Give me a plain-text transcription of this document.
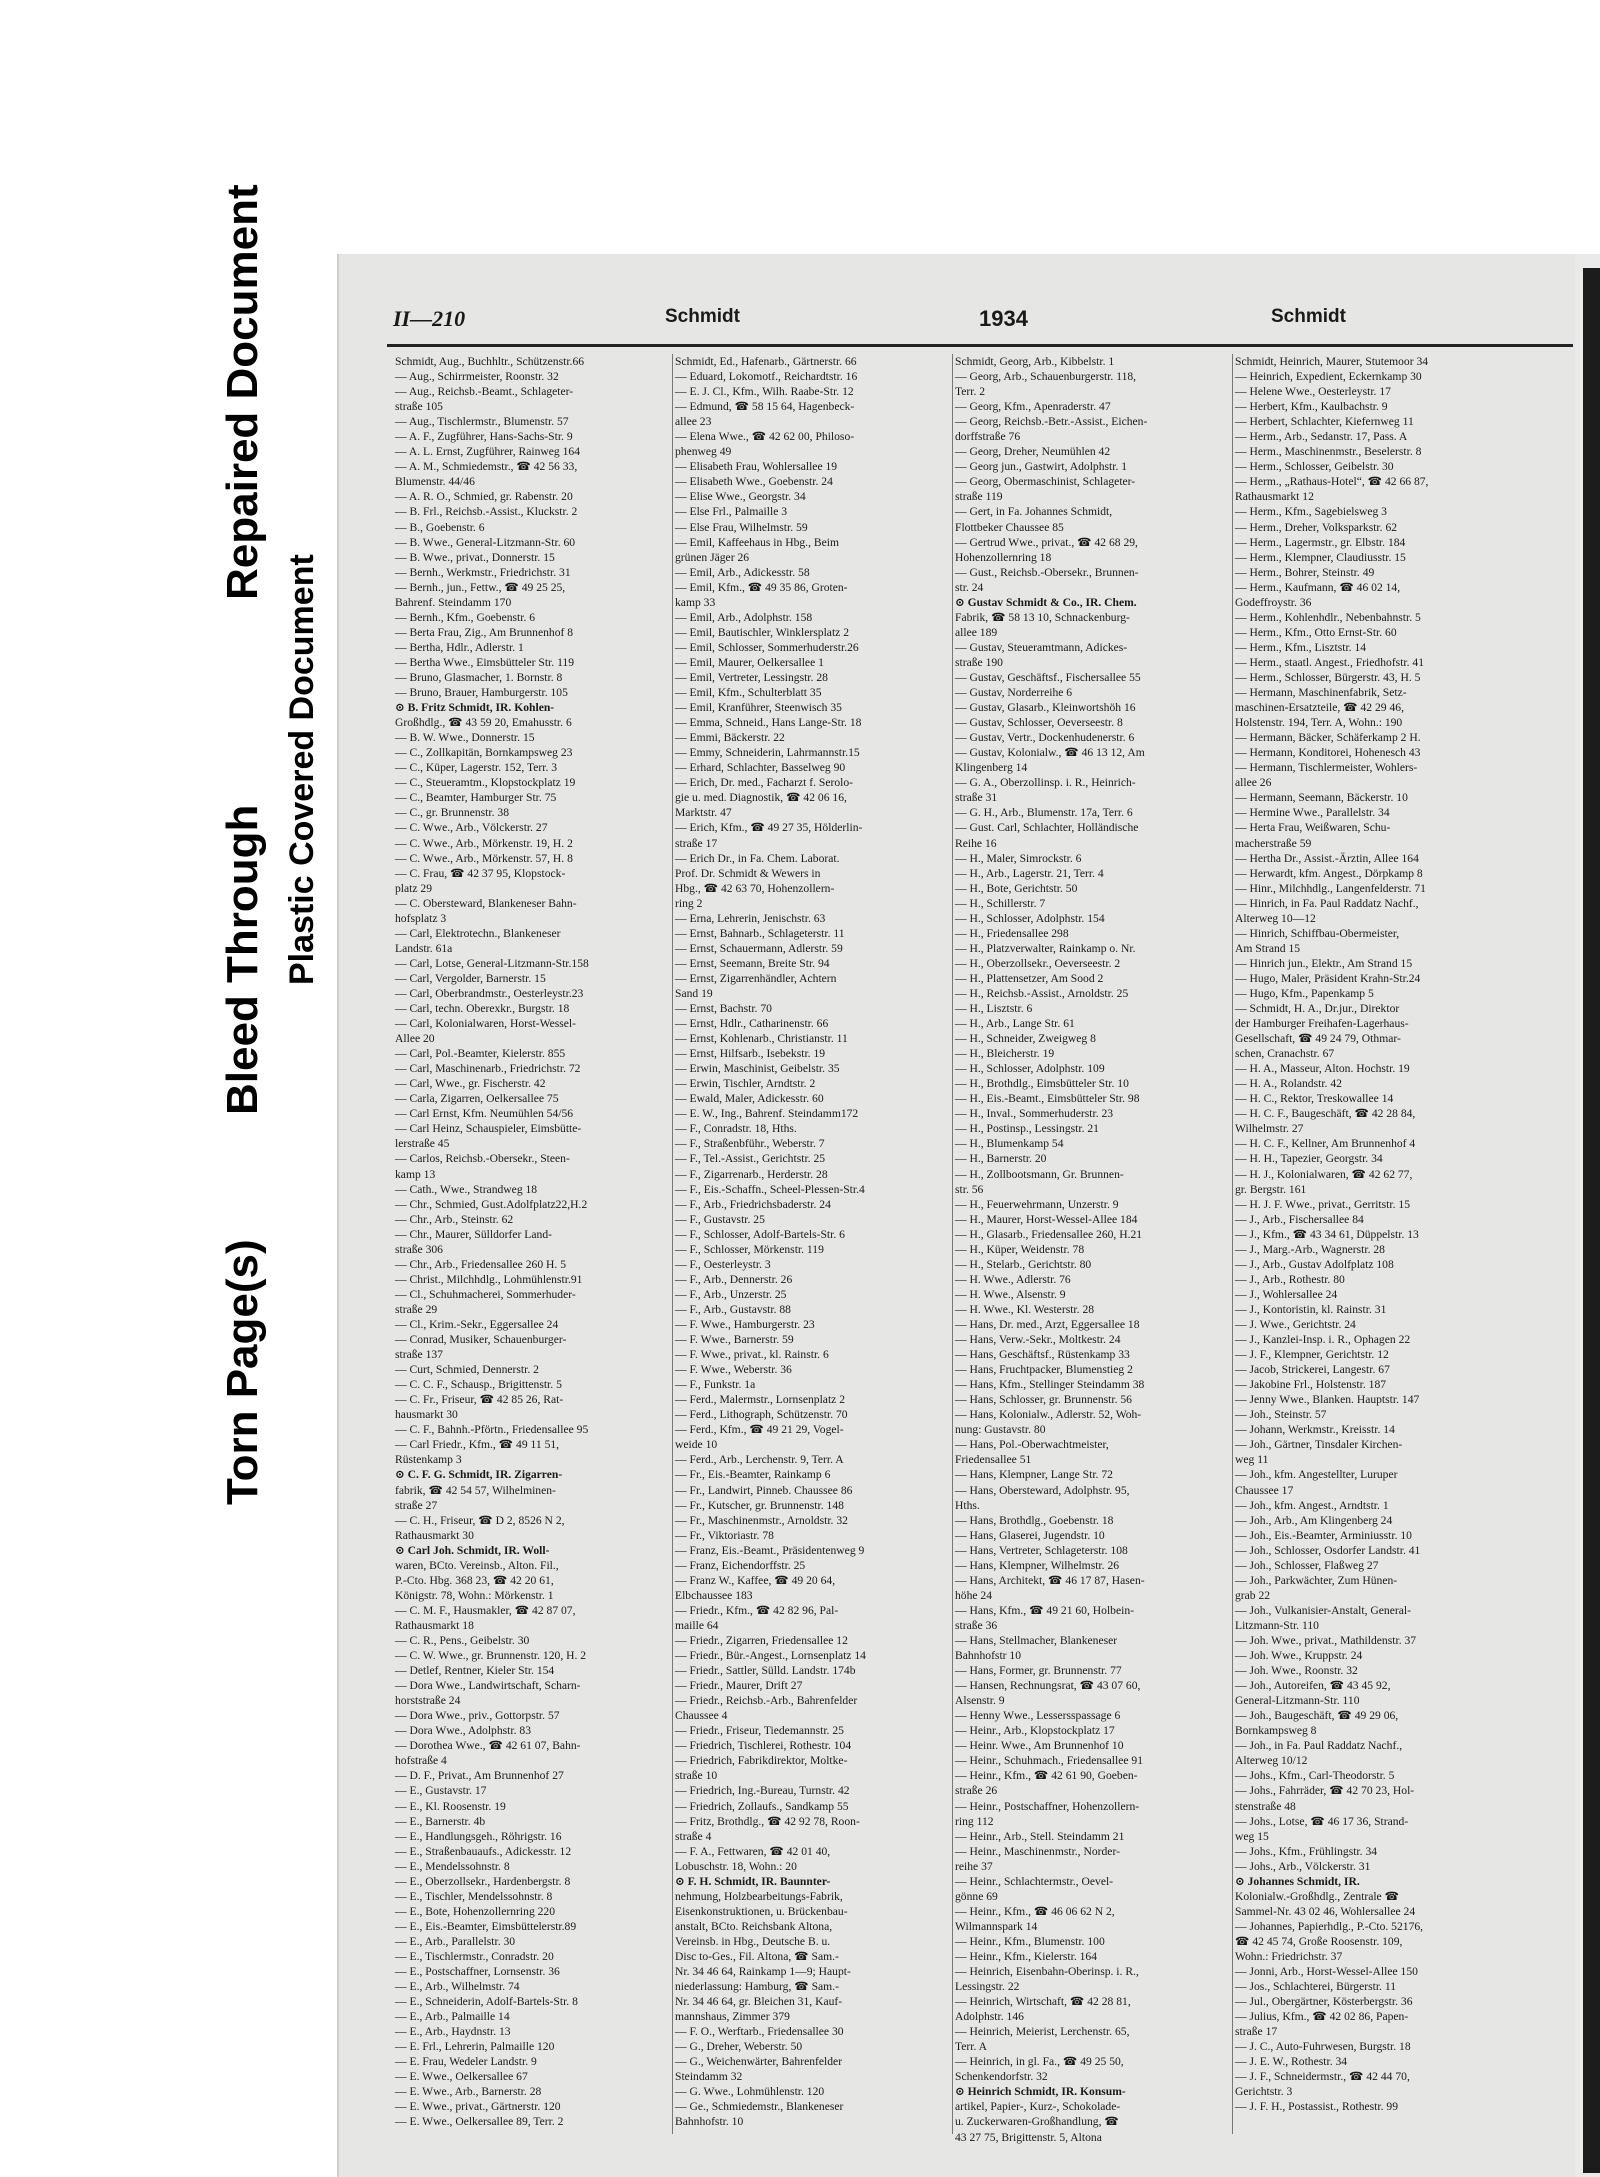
Torn Page(s)
Bleed Through
Repaired Document
Plastic Covered Document
II—210	Schmidt	1934	Schmidt
Schmidt, Aug., Buchhltr., Schützenstr.66
— Aug., Schirrmeister, Roonstr. 32
— Aug., Reichsb.-Beamt., Schlageter-
straße 105
— Aug., Tischlermstr., Blumenstr. 57
— A. F., Zugführer, Hans-Sachs-Str. 9
— A. L. Ernst, Zugführer, Rainweg 164
— A. M., Schmiedemstr., ☎ 42 56 33,
Blumenstr. 44/46
— A. R. O., Schmied, gr. Rabenstr. 20
— B. Frl., Reichsb.-Assist., Kluckstr. 2
— B., Goebenstr. 6
— B. Wwe., General-Litzmann-Str. 60
— B. Wwe., privat., Donnerstr. 15
— Bernh., Werkmstr., Friedrichstr. 31
— Bernh., jun., Fettw., ☎ 49 25 25,
Bahrenf. Steindamm 170
— Bernh., Kfm., Goebenstr. 6
— Berta Frau, Zig., Am Brunnenhof 8
— Bertha, Hdlr., Adlerstr. 1
— Bertha Wwe., Eimsbütteler Str. 119
— Bruno, Glasmacher, 1. Bornstr. 8
— Bruno, Brauer, Hamburgerstr. 105
⊙ B. Fritz Schmidt, IR. Kohlen-
Großhdlg., ☎ 43 59 20, Emahusstr. 6
— B. W. Wwe., Donnerstr. 15
— C., Zollkapitän, Bornkampsweg 23
— C., Küper, Lagerstr. 152, Terr. 3
— C., Steueramtm., Klopstockplatz 19
— C., Beamter, Hamburger Str. 75
— C., gr. Brunnenstr. 38
— C. Wwe., Arb., Völckerstr. 27
— C. Wwe., Arb., Mörkenstr. 19, H. 2
— C. Wwe., Arb., Mörkenstr. 57, H. 8
— C. Frau, ☎ 42 37 95, Klopstock-
platz 29
— C. Obersteward, Blankeneser Bahn-
hofsplatz 3
— Carl, Elektrotechn., Blankeneser
Landstr. 61a
— Carl, Lotse, General-Litzmann-Str.158
— Carl, Vergolder, Barnerstr. 15
— Carl, Oberbrandmstr., Oesterleystr.23
— Carl, techn. Oberexkr., Burgstr. 18
— Carl, Kolonialwaren, Horst-Wessel-
Allee 20
— Carl, Pol.-Beamter, Kielerstr. 855
— Carl, Maschinenarb., Friedrichstr. 72
— Carl, Wwe., gr. Fischerstr. 42
— Carla, Zigarren, Oelkersallee 75
— Carl Ernst, Kfm. Neumühlen 54/56
— Carl Heinz, Schauspieler, Eimsbütte-
lerstraße 45
— Carlos, Reichsb.-Obersekr., Steen-
kamp 13
— Cath., Wwe., Strandweg 18
— Chr., Schmied, Gust.Adolfplatz22,H.2
— Chr., Arb., Steinstr. 62
— Chr., Maurer, Sülldorfer Land-
straße 306
— Chr., Arb., Friedensallee 260 H. 5
— Christ., Milchhdlg., Lohmühlenstr.91
— Cl., Schuhmacherei, Sommerhuder-
straße 29
— Cl., Krim.-Sekr., Eggersallee 24
— Conrad, Musiker, Schauenburger-
straße 137
— Curt, Schmied, Dennerstr. 2
— C. C. F., Schausp., Brigittenstr. 5
— C. Fr., Friseur, ☎ 42 85 26, Rat-
hausmarkt 30
— C. F., Bahnh.-Pförtn., Friedensallee 95
— Carl Friedr., Kfm., ☎ 49 11 51,
Rüstenkamp 3
⊙ C. F. G. Schmidt, IR. Zigarren-
fabrik, ☎ 42 54 57, Wilhelminen-
straße 27
— C. H., Friseur, ☎ D 2, 8526 N 2,
Rathausmarkt 30
⊙ Carl Joh. Schmidt, IR. Woll-
waren, BCto. Vereinsb., Alton. Fil.,
P.-Cto. Hbg. 368 23, ☎ 42 20 61,
Königstr. 78, Wohn.: Mörkenstr. 1
— C. M. F., Hausmakler, ☎ 42 87 07,
Rathausmarkt 18
— C. R., Pens., Geibelstr. 30
— C. W. Wwe., gr. Brunnenstr. 120, H. 2
— Detlef, Rentner, Kieler Str. 154
— Dora Wwe., Landwirtschaft, Scharn-
horststraße 24
— Dora Wwe., priv., Gottorpstr. 57
— Dora Wwe., Adolphstr. 83
— Dorothea Wwe., ☎ 42 61 07, Bahn-
hofstraße 4
— D. F., Privat., Am Brunnenhof 27
— E., Gustavstr. 17
— E., Kl. Roosenstr. 19
— E., Barnerstr. 4b
— E., Handlungsgeh., Röhrigstr. 16
— E., Straßenbauaufs., Adickesstr. 12
— E., Mendelssohnstr. 8
— E., Oberzollsekr., Hardenbergstr. 8
— E., Tischler, Mendelssohnstr. 8
— E., Bote, Hohenzollernring 220
— E., Eis.-Beamter, Eimsbüttelerstr.89
— E., Arb., Parallelstr. 30
— E., Tischlermstr., Conradstr. 20
— E., Postschaffner, Lornsenstr. 36
— E., Arb., Wilhelmstr. 74
— E., Schneiderin, Adolf-Bartels-Str. 8
— E., Arb., Palmaille 14
— E., Arb., Haydnstr. 13
— E. Frl., Lehrerin, Palmaille 120
— E. Frau, Wedeler Landstr. 9
— E. Wwe., Oelkersallee 67
— E. Wwe., Arb., Barnerstr. 28
— E. Wwe., privat., Gärtnerstr. 120
— E. Wwe., Oelkersallee 89, Terr. 2
Schmidt, Ed., Hafenarb., Gärtnerstr. 66
— Eduard, Lokomotf., Reichardtstr. 16
— E. J. Cl., Kfm., Wilh. Raabe-Str. 12
— Edmund, ☎ 58 15 64, Hagenbeck-
allee 23
— Elena Wwe., ☎ 42 62 00, Philoso-
phenweg 49
— Elisabeth Frau, Wohlersallee 19
— Elisabeth Wwe., Goebenstr. 24
— Elise Wwe., Georgstr. 34
— Else Frl., Palmaille 3
— Else Frau, Wilhelmstr. 59
— Emil, Kaffeehaus in Hbg., Beim
grünen Jäger 26
— Emil, Arb., Adickesstr. 58
— Emil, Kfm., ☎ 49 35 86, Groten-
kamp 33
— Emil, Arb., Adolphstr. 158
— Emil, Bautischler, Winklersplatz 2
— Emil, Schlosser, Sommerhuderstr.26
— Emil, Maurer, Oelkersallee 1
— Emil, Vertreter, Lessingstr. 28
— Emil, Kfm., Schulterblatt 35
— Emil, Kranführer, Steenwisch 35
— Emma, Schneid., Hans Lange-Str. 18
— Emmi, Bäckerstr. 22
— Emmy, Schneiderin, Lahrmannstr.15
— Erhard, Schlachter, Basselweg 90
— Erich, Dr. med., Facharzt f. Serolo-
gie u. med. Diagnostik, ☎ 42 06 16,
Marktstr. 47
— Erich, Kfm., ☎ 49 27 35, Hölderlin-
straße 17
— Erich Dr., in Fa. Chem. Laborat.
Prof. Dr. Schmidt & Wewers in
Hbg., ☎ 42 63 70, Hohenzollern-
ring 2
— Erna, Lehrerin, Jenischstr. 63
— Ernst, Bahnarb., Schlageterstr. 11
— Ernst, Schauermann, Adlerstr. 59
— Ernst, Seemann, Breite Str. 94
— Ernst, Zigarrenhändler, Achtern
Sand 19
— Ernst, Bachstr. 70
— Ernst, Hdlr., Catharinenstr. 66
— Ernst, Kohlenarb., Christianstr. 11
— Ernst, Hilfsarb., Isebekstr. 19
— Erwin, Maschinist, Geibelstr. 35
— Erwin, Tischler, Arndtstr. 2
— Ewald, Maler, Adickesstr. 60
— E. W., Ing., Bahrenf. Steindamm172
— F., Conradstr. 18, Hths.
— F., Straßenbführ., Weberstr. 7
— F., Tel.-Assist., Gerichtstr. 25
— F., Zigarrenarb., Herderstr. 28
— F., Eis.-Schaffn., Scheel-Plessen-Str.4
— F., Arb., Friedrichsbaderstr. 24
— F., Gustavstr. 25
— F., Schlosser, Adolf-Bartels-Str. 6
— F., Schlosser, Mörkenstr. 119
— F., Oesterleystr. 3
— F., Arb., Dennerstr. 26
— F., Arb., Unzerstr. 25
— F., Arb., Gustavstr. 88
— F. Wwe., Hamburgerstr. 23
— F. Wwe., Barnerstr. 59
— F. Wwe., privat., kl. Rainstr. 6
— F. Wwe., Weberstr. 36
— F., Funkstr. 1a
— Ferd., Malermstr., Lornsenplatz 2
— Ferd., Lithograph, Schützenstr. 70
— Ferd., Kfm., ☎ 49 21 29, Vogel-
weide 10
— Ferd., Arb., Lerchenstr. 9, Terr. A
— Fr., Eis.-Beamter, Rainkamp 6
— Fr., Landwirt, Pinneb. Chaussee 86
— Fr., Kutscher, gr. Brunnenstr. 148
— Fr., Maschinenmstr., Arnoldstr. 32
— Fr., Viktoriastr. 78
— Franz, Eis.-Beamt., Präsidentenweg 9
— Franz, Eichendorffstr. 25
— Franz W., Kaffee, ☎ 49 20 64,
Elbchaussee 183
— Friedr., Kfm., ☎ 42 82 96, Pal-
maille 64
— Friedr., Zigarren, Friedensallee 12
— Friedr., Bür.-Angest., Lornsenplatz 14
— Friedr., Sattler, Sülld. Landstr. 174b
— Friedr., Maurer, Drift 27
— Friedr., Reichsb.-Arb., Bahrenfelder
Chaussee 4
— Friedr., Friseur, Tiedemannstr. 25
— Friedrich, Tischlerei, Rothestr. 104
— Friedrich, Fabrikdirektor, Moltke-
straße 10
— Friedrich, Ing.-Bureau, Turnstr. 42
— Friedrich, Zollaufs., Sandkamp 55
— Fritz, Brothdlg., ☎ 42 92 78, Roon-
straße 4
— F. A., Fettwaren, ☎ 42 01 40,
Lobuschstr. 18, Wohn.: 20
⊙ F. H. Schmidt, IR. Baunnter-
nehmung, Holzbearbeitungs-Fabrik,
Eisenkonstruktionen, u. Brückenbau-
anstalt, BCto. Reichsbank Altona,
Vereinsb. in Hbg., Deutsche B. u.
Disc to-Ges., Fil. Altona, ☎ Sam.-
Nr. 34 46 64, Rainkamp 1—9; Haupt-
niederlassung: Hamburg, ☎ Sam.-
Nr. 34 46 64, gr. Bleichen 31, Kauf-
mannshaus, Zimmer 379
— F. O., Werftarb., Friedensallee 30
— G., Dreher, Weberstr. 50
— G., Weichenwärter, Bahrenfelder
Steindamm 32
— G. Wwe., Lohmühlenstr. 120
— Ge., Schmiedemstr., Blankeneser
Bahnhofstr. 10
Schmidt, Georg, Arb., Kibbelstr. 1
— Georg, Arb., Schauenburgerstr. 118,
Terr. 2
— Georg, Kfm., Apenraderstr. 47
— Georg, Reichsb.-Betr.-Assist., Eichen-
dorffstraße 76
— Georg, Dreher, Neumühlen 42
— Georg jun., Gastwirt, Adolphstr. 1
— Georg, Obermaschinist, Schlageter-
straße 119
— Gert, in Fa. Johannes Schmidt,
Flottbeker Chaussee 85
— Gertrud Wwe., privat., ☎ 42 68 29,
Hohenzollernring 18
— Gust., Reichsb.-Obersekr., Brunnen-
str. 24
⊙ Gustav Schmidt & Co., IR. Chem.
Fabrik, ☎ 58 13 10, Schnackenburg-
allee 189
— Gustav, Steueramtmann, Adickes-
straße 190
— Gustav, Geschäftsf., Fischersallee 55
— Gustav, Norderreihe 6
— Gustav, Glasarb., Kleinwortshöh 16
— Gustav, Schlosser, Oeverseestr. 8
— Gustav, Vertr., Dockenhudenerstr. 6
— Gustav, Kolonialw., ☎ 46 13 12, Am
Klingenberg 14
— G. A., Oberzollinsp. i. R., Heinrich-
straße 31
— G. H., Arb., Blumenstr. 17a, Terr. 6
— Gust. Carl, Schlachter, Holländische
Reihe 16
— H., Maler, Simrockstr. 6
— H., Arb., Lagerstr. 21, Terr. 4
— H., Bote, Gerichtstr. 50
— H., Schillerstr. 7
— H., Schlosser, Adolphstr. 154
— H., Friedensallee 298
— H., Platzverwalter, Rainkamp o. Nr.
— H., Oberzollsekr., Oeverseestr. 2
— H., Plattensetzer, Am Sood 2
— H., Reichsb.-Assist., Arnoldstr. 25
— H., Lisztstr. 6
— H., Arb., Lange Str. 61
— H., Schneider, Zweigweg 8
— H., Bleicherstr. 19
— H., Schlosser, Adolphstr. 109
— H., Brothdlg., Eimsbütteler Str. 10
— H., Eis.-Beamt., Eimsbütteler Str. 98
— H., Inval., Sommerhuderstr. 23
— H., Postinsp., Lessingstr. 21
— H., Blumenkamp 54
— H., Barnerstr. 20
— H., Zollbootsmann, Gr. Brunnen-
str. 56
— H., Feuerwehrmann, Unzerstr. 9
— H., Maurer, Horst-Wessel-Allee 184
— H., Glasarb., Friedensallee 260, H.21
— H., Küper, Weidenstr. 78
— H., Stelarb., Gerichtstr. 80
— H. Wwe., Adlerstr. 76
— H. Wwe., Alsenstr. 9
— H. Wwe., Kl. Westerstr. 28
— Hans, Dr. med., Arzt, Eggersallee 18
— Hans, Verw.-Sekr., Moltkestr. 24
— Hans, Geschäftsf., Rüstenkamp 33
— Hans, Fruchtpacker, Blumenstieg 2
— Hans, Kfm., Stellinger Steindamm 38
— Hans, Schlosser, gr. Brunnenstr. 56
— Hans, Kolonialw., Adlerstr. 52, Woh-
nung: Gustavstr. 80
— Hans, Pol.-Oberwachtmeister,
Friedensallee 51
— Hans, Klempner, Lange Str. 72
— Hans, Obersteward, Adolphstr. 95,
Hths.
— Hans, Brothdlg., Goebenstr. 18
— Hans, Glaserei, Jugendstr. 10
— Hans, Vertreter, Schlageterstr. 108
— Hans, Klempner, Wilhelmstr. 26
— Hans, Architekt, ☎ 46 17 87, Hasen-
höhe 24
— Hans, Kfm., ☎ 49 21 60, Holbein-
straße 36
— Hans, Stellmacher, Blankeneser
Bahnhofstr 10
— Hans, Former, gr. Brunnenstr. 77
— Hansen, Rechnungsrat, ☎ 43 07 60,
Alsenstr. 9
— Henny Wwe., Lessersspassage 6
— Heinr., Arb., Klopstockplatz 17
— Heinr. Wwe., Am Brunnenhof 10
— Heinr., Schuhmach., Friedensallee 91
— Heinr., Kfm., ☎ 42 61 90, Goeben-
straße 26
— Heinr., Postschaffner, Hohenzollern-
ring 112
— Heinr., Arb., Stell. Steindamm 21
— Heinr., Maschinenmstr., Norder-
reihe 37
— Heinr., Schlachtermstr., Oevel-
gönne 69
— Heinr., Kfm., ☎ 46 06 62 N 2,
Wilmannspark 14
— Heinr., Kfm., Blumenstr. 100
— Heinr., Kfm., Kielerstr. 164
— Heinrich, Eisenbahn-Oberinsp. i. R.,
Lessingstr. 22
— Heinrich, Wirtschaft, ☎ 42 28 81,
Adolphstr. 146
— Heinrich, Meierist, Lerchenstr. 65,
Terr. A
— Heinrich, in gl. Fa., ☎ 49 25 50,
Schenkendorfstr. 32
⊙ Heinrich Schmidt, IR. Konsum-
artikel, Papier-, Kurz-, Schokolade-
u. Zuckerwaren-Großhandlung, ☎
43 27 75, Brigittenstr. 5, Altona
Schmidt, Heinrich, Maurer, Stutemoor 34
— Heinrich, Expedient, Eckernkamp 30
— Helene Wwe., Oesterleystr. 17
— Herbert, Kfm., Kaulbachstr. 9
— Herbert, Schlachter, Kiefernweg 11
— Herm., Arb., Sedanstr. 17, Pass. A
— Herm., Maschinenmstr., Beselerstr. 8
— Herm., Schlosser, Geibelstr. 30
— Herm., „Rathaus-Hotel“, ☎ 42 66 87,
Rathausmarkt 12
— Herm., Kfm., Sagebielsweg 3
— Herm., Dreher, Volksparkstr. 62
— Herm., Lagermstr., gr. Elbstr. 184
— Herm., Klempner, Claudiusstr. 15
— Herm., Bohrer, Steinstr. 49
— Herm., Kaufmann, ☎ 46 02 14,
Godeffroystr. 36
— Herm., Kohlenhdlr., Nebenbahnstr. 5
— Herm., Kfm., Otto Ernst-Str. 60
— Herm., Kfm., Lisztstr. 14
— Herm., staatl. Angest., Friedhofstr. 41
— Herm., Schlosser, Bürgerstr. 43, H. 5
— Hermann, Maschinenfabrik, Setz-
maschinen-Ersatzteile, ☎ 42 29 46,
Holstenstr. 194, Terr. A, Wohn.: 190
— Hermann, Bäcker, Schäferkamp 2 H.
— Hermann, Konditorei, Hohenesch 43
— Hermann, Tischlermeister, Wohlers-
allee 26
— Hermann, Seemann, Bäckerstr. 10
— Hermine Wwe., Parallelstr. 34
— Herta Frau, Weißwaren, Schu-
macherstraße 59
— Hertha Dr., Assist.-Ärztin, Allee 164
— Herwardt, kfm. Angest., Dörpkamp 8
— Hinr., Milchhdlg., Langenfelderstr. 71
— Hinrich, in Fa. Paul Raddatz Nachf.,
Alterweg 10—12
— Hinrich, Schiffbau-Obermeister,
Am Strand 15
— Hinrich jun., Elektr., Am Strand 15
— Hugo, Maler, Präsident Krahn-Str.24
— Hugo, Kfm., Papenkamp 5
— Schmidt, H. A., Dr.jur., Direktor
der Hamburger Freihafen-Lagerhaus-
Gesellschaft, ☎ 49 24 79, Othmar-
schen, Cranachstr. 67
— H. A., Masseur, Alton. Hochstr. 19
— H. A., Rolandstr. 42
— H. C., Rektor, Treskowallee 14
— H. C. F., Baugeschäft, ☎ 42 28 84,
Wilhelmstr. 27
— H. C. F., Kellner, Am Brunnenhof 4
— H. H., Tapezier, Georgstr. 34
— H. J., Kolonialwaren, ☎ 42 62 77,
gr. Bergstr. 161
— H. J. F. Wwe., privat., Gerritstr. 15
— J., Arb., Fischersallee 84
— J., Kfm., ☎ 43 34 61, Düppelstr. 13
— J., Marg.-Arb., Wagnerstr. 28
— J., Arb., Gustav Adolfplatz 108
— J., Arb., Rothestr. 80
— J., Wohlersallee 24
— J., Kontoristin, kl. Rainstr. 31
— J. Wwe., Gerichtstr. 24
— J., Kanzlei-Insp. i. R., Ophagen 22
— J. F., Klempner, Gerichtstr. 12
— Jacob, Strickerei, Langestr. 67
— Jakobine Frl., Holstenstr. 187
— Jenny Wwe., Blanken. Hauptstr. 147
— Joh., Steinstr. 57
— Johann, Werkmstr., Kreisstr. 14
— Joh., Gärtner, Tinsdaler Kirchen-
weg 11
— Joh., kfm. Angestellter, Luruper
Chaussee 17
— Joh., kfm. Angest., Arndtstr. 1
— Joh., Arb., Am Klingenberg 24
— Joh., Eis.-Beamter, Arminiusstr. 10
— Joh., Schlosser, Osdorfer Landstr. 41
— Joh., Schlosser, Flaßweg 27
— Joh., Parkwächter, Zum Hünen-
grab 22
— Joh., Vulkanisier-Anstalt, General-
Litzmann-Str. 110
— Joh. Wwe., privat., Mathildenstr. 37
— Joh. Wwe., Kruppstr. 24
— Joh. Wwe., Roonstr. 32
— Joh., Autoreifen, ☎ 43 45 92,
General-Litzmann-Str. 110
— Joh., Baugeschäft, ☎ 49 29 06,
Bornkampsweg 8
— Joh., in Fa. Paul Raddatz Nachf.,
Alterweg 10/12
— Johs., Kfm., Carl-Theodorstr. 5
— Johs., Fahrräder, ☎ 42 70 23, Hol-
stenstraße 48
— Johs., Lotse, ☎ 46 17 36, Strand-
weg 15
— Johs., Kfm., Frühlingstr. 34
— Johs., Arb., Völckerstr. 31
⊙ Johannes Schmidt, IR.
Kolonialw.-Großhdlg., Zentrale ☎
Sammel-Nr. 43 02 46, Wohlersallee 24
— Johannes, Papierhdlg., P.-Cto. 52176,
☎ 42 45 74, Große Roosenstr. 109,
Wohn.: Friedrichstr. 37
— Jonni, Arb., Horst-Wessel-Allee 150
— Jos., Schlachterei, Bürgerstr. 11
— Jul., Obergärtner, Kösterbergstr. 36
— Julius, Kfm., ☎ 42 02 86, Papen-
straße 17
— J. C., Auto-Fuhrwesen, Burgstr. 18
— J. E. W., Rothestr. 34
— J. F., Schneidermstr., ☎ 42 44 70,
Gerichtstr. 3
— J. F. H., Postassist., Rothestr. 99
